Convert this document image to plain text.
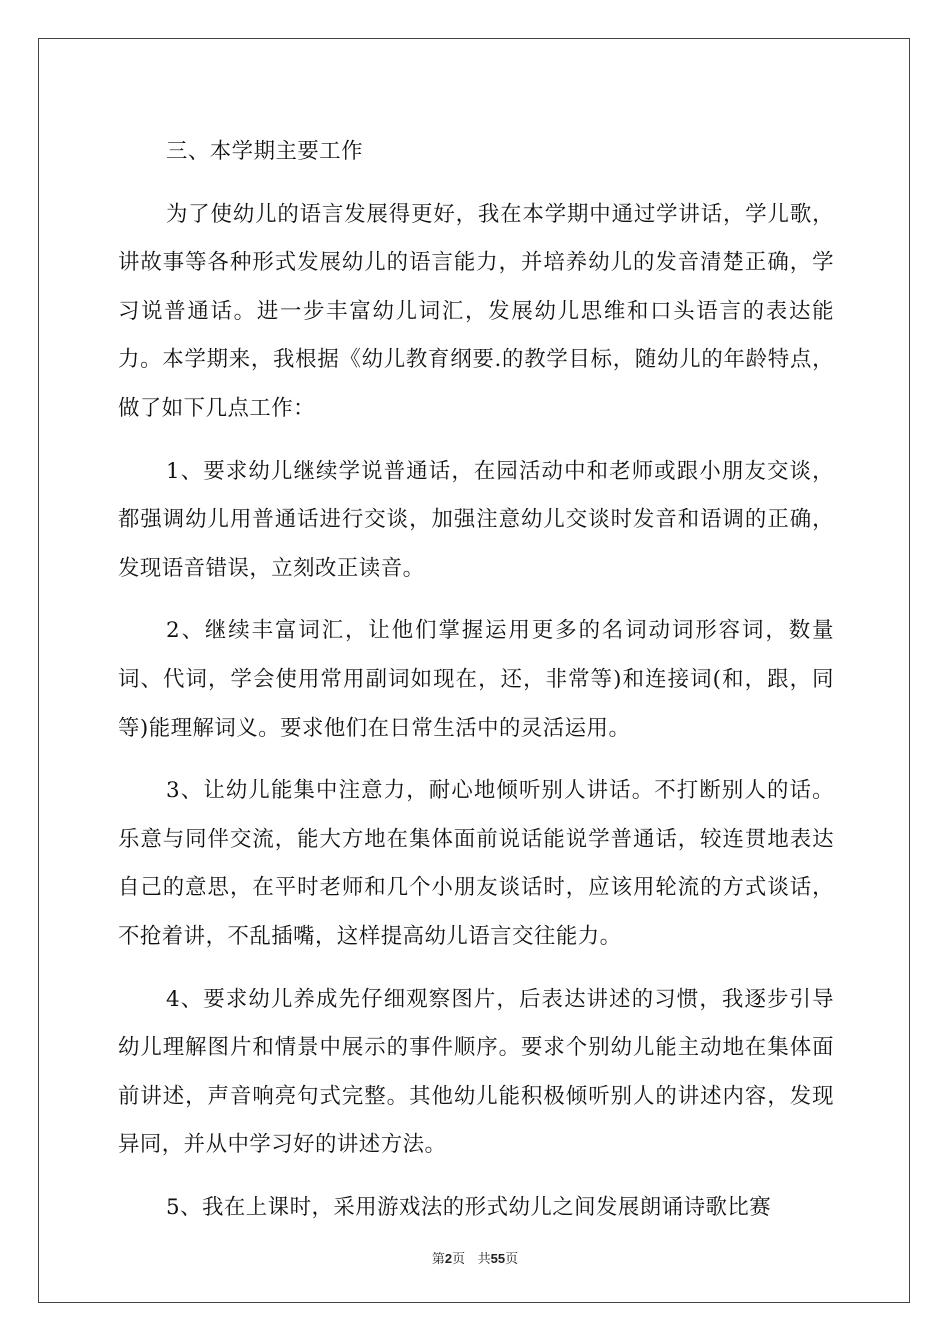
三、本学期主要工作

为了使幼儿的语言发展得更好，我在本学期中通过学讲话，学儿歌，讲故事等各种形式发展幼儿的语言能力，并培养幼儿的发音清楚正确，学习说普通话。进一步丰富幼儿词汇，发展幼儿思维和口头语言的表达能力。本学期来，我根据《幼儿教育纲要.的教学目标，随幼儿的年龄特点，做了如下几点工作：

1、要求幼儿继续学说普通话，在园活动中和老师或跟小朋友交谈，都强调幼儿用普通话进行交谈，加强注意幼儿交谈时发音和语调的正确，发现语音错误，立刻改正读音。

2、继续丰富词汇，让他们掌握运用更多的名词动词形容词，数量词、代词，学会使用常用副词如现在，还，非常等)和连接词(和，跟，同等)能理解词义。要求他们在日常生活中的灵活运用。

3、让幼儿能集中注意力，耐心地倾听别人讲话。不打断别人的话。乐意与同伴交流，能大方地在集体面前说话能说学普通话，较连贯地表达自己的意思，在平时老师和几个小朋友谈话时，应该用轮流的方式谈话，不抢着讲，不乱插嘴，这样提高幼儿语言交往能力。

4、要求幼儿养成先仔细观察图片，后表达讲述的习惯，我逐步引导幼儿理解图片和情景中展示的事件顺序。要求个别幼儿能主动地在集体面前讲述，声音响亮句式完整。其他幼儿能积极倾听别人的讲述内容，发现异同，并从中学习好的讲述方法。

5、我在上课时，采用游戏法的形式幼儿之间发展朗诵诗歌比赛

第2页 共55页
